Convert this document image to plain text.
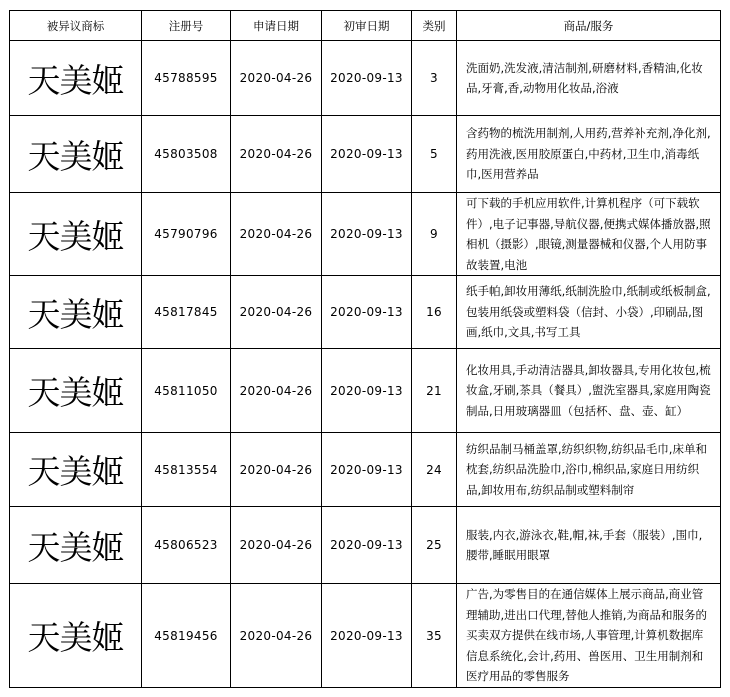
被异议商标	注册号	申请日期	初审日期	类别	商品/服务
天美姬	45788595	2020-04-26	2020-09-13	3	洗面奶,洗发液,清洁制剂,研磨材料,香精油,化妆品,牙膏,香,动物用化妆品,浴液
天美姬	45803508	2020-04-26	2020-09-13	5	含药物的梳洗用制剂,人用药,营养补充剂,净化剂,药用洗液,医用胶原蛋白,中药材,卫生巾,消毒纸巾,医用营养品
天美姬	45790796	2020-04-26	2020-09-13	9	可下载的手机应用软件,计算机程序（可下载软件）,电子记事器,导航仪器,便携式媒体播放器,照相机（摄影）,眼镜,测量器械和仪器,个人用防事故装置,电池
天美姬	45817845	2020-04-26	2020-09-13	16	纸手帕,卸妆用薄纸,纸制洗脸巾,纸制或纸板制盒,包装用纸袋或塑料袋（信封、小袋）,印刷品,图画,纸巾,文具,书写工具
天美姬	45811050	2020-04-26	2020-09-13	21	化妆用具,手动清洁器具,卸妆器具,专用化妆包,梳妆盒,牙刷,茶具（餐具）,盥洗室器具,家庭用陶瓷制品,日用玻璃器皿（包括杯、盘、壶、缸）
天美姬	45813554	2020-04-26	2020-09-13	24	纺织品制马桶盖罩,纺织织物,纺织品毛巾,床单和枕套,纺织品洗脸巾,浴巾,棉织品,家庭日用纺织品,卸妆用布,纺织品制或塑料制帘
天美姬	45806523	2020-04-26	2020-09-13	25	服装,内衣,游泳衣,鞋,帽,袜,手套（服装）,围巾,腰带,睡眠用眼罩
天美姬	45819456	2020-04-26	2020-09-13	35	广告,为零售目的在通信媒体上展示商品,商业管理辅助,进出口代理,替他人推销,为商品和服务的买卖双方提供在线市场,人事管理,计算机数据库信息系统化,会计,药用、兽医用、卫生用制剂和医疗用品的零售服务
